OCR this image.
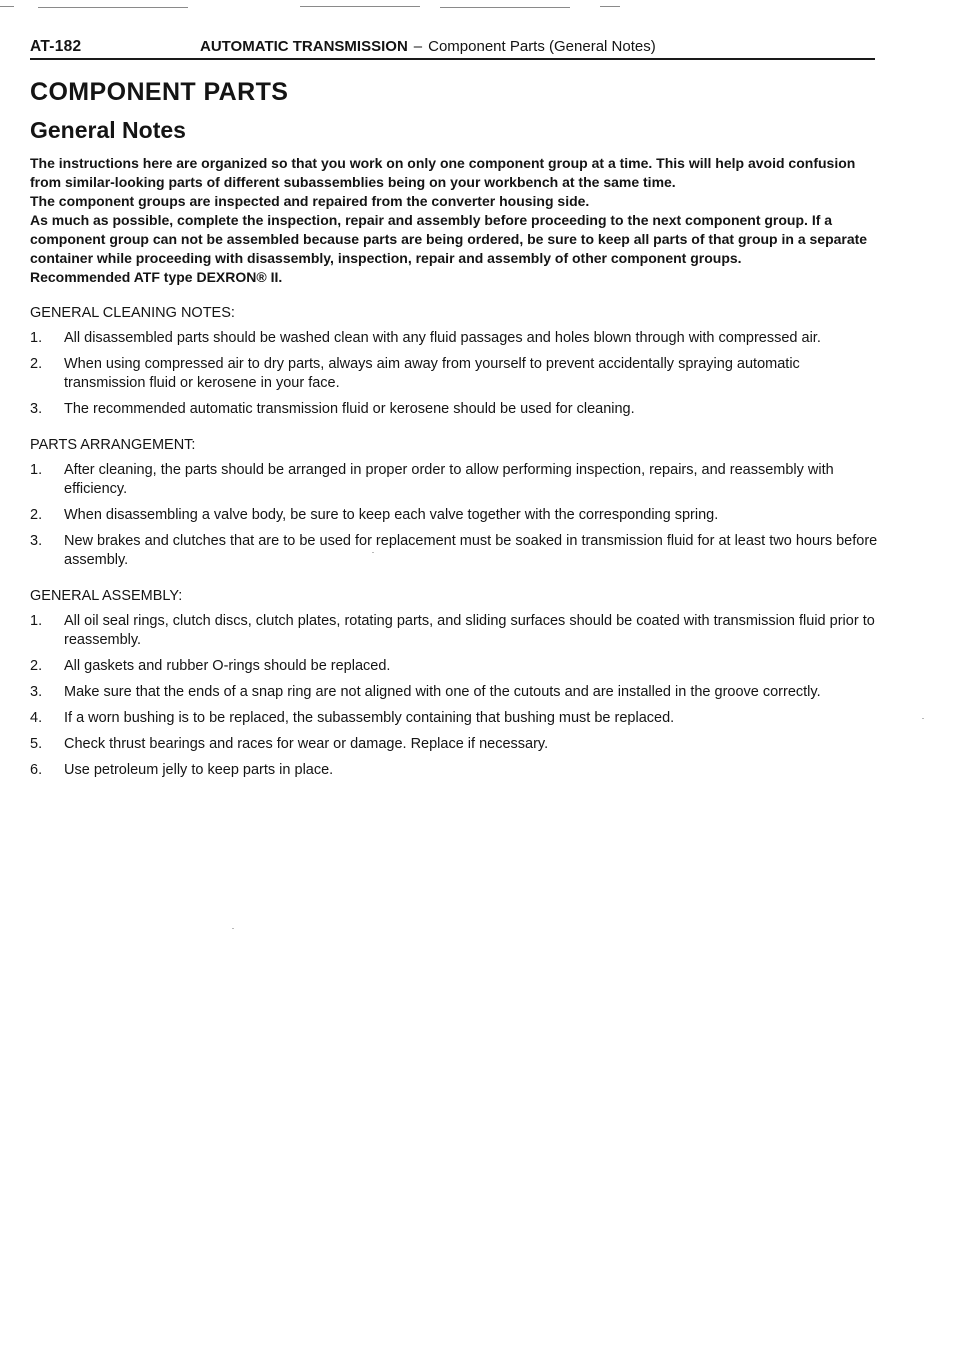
AT-182	AUTOMATIC TRANSMISSION – Component Parts (General Notes)
COMPONENT PARTS
General Notes

The instructions here are organized so that you work on only one component group at a time. This will help avoid confusion from similar-looking parts of different subassemblies being on your workbench at the same time.

The component groups are inspected and repaired from the converter housing side.

As much as possible, complete the inspection, repair and assembly before proceeding to the next component group. If a component group can not be assembled because parts are being ordered, be sure to keep all parts of that group in a separate container while proceeding with disassembly, inspection, repair and assembly of other component groups.

Recommended ATF type DEXRON® II.

GENERAL CLEANING NOTES:
1.	All disassembled parts should be washed clean with any fluid passages and holes blown through with compressed air.
2.	When using compressed air to dry parts, always aim away from yourself to prevent accidentally spraying automatic transmission fluid or kerosene in your face.
3.	The recommended automatic transmission fluid or kerosene should be used for cleaning.
PARTS ARRANGEMENT:
1.	After cleaning, the parts should be arranged in proper order to allow performing inspection, repairs, and reassembly with efficiency.
2.	When disassembling a valve body, be sure to keep each valve together with the corresponding spring.
3.	New brakes and clutches that are to be used for replacement must be soaked in transmission fluid for at least two hours before assembly.
GENERAL ASSEMBLY:
1.	All oil seal rings, clutch discs, clutch plates, rotating parts, and sliding surfaces should be coated with transmission fluid prior to reassembly.
2.	All gaskets and rubber O-rings should be replaced.
3.	Make sure that the ends of a snap ring are not aligned with one of the cutouts and are installed in the groove correctly.
4.	If a worn bushing is to be replaced, the subassembly containing that bushing must be replaced.
5.	Check thrust bearings and races for wear or damage. Replace if necessary.
6.	Use petroleum jelly to keep parts in place.
